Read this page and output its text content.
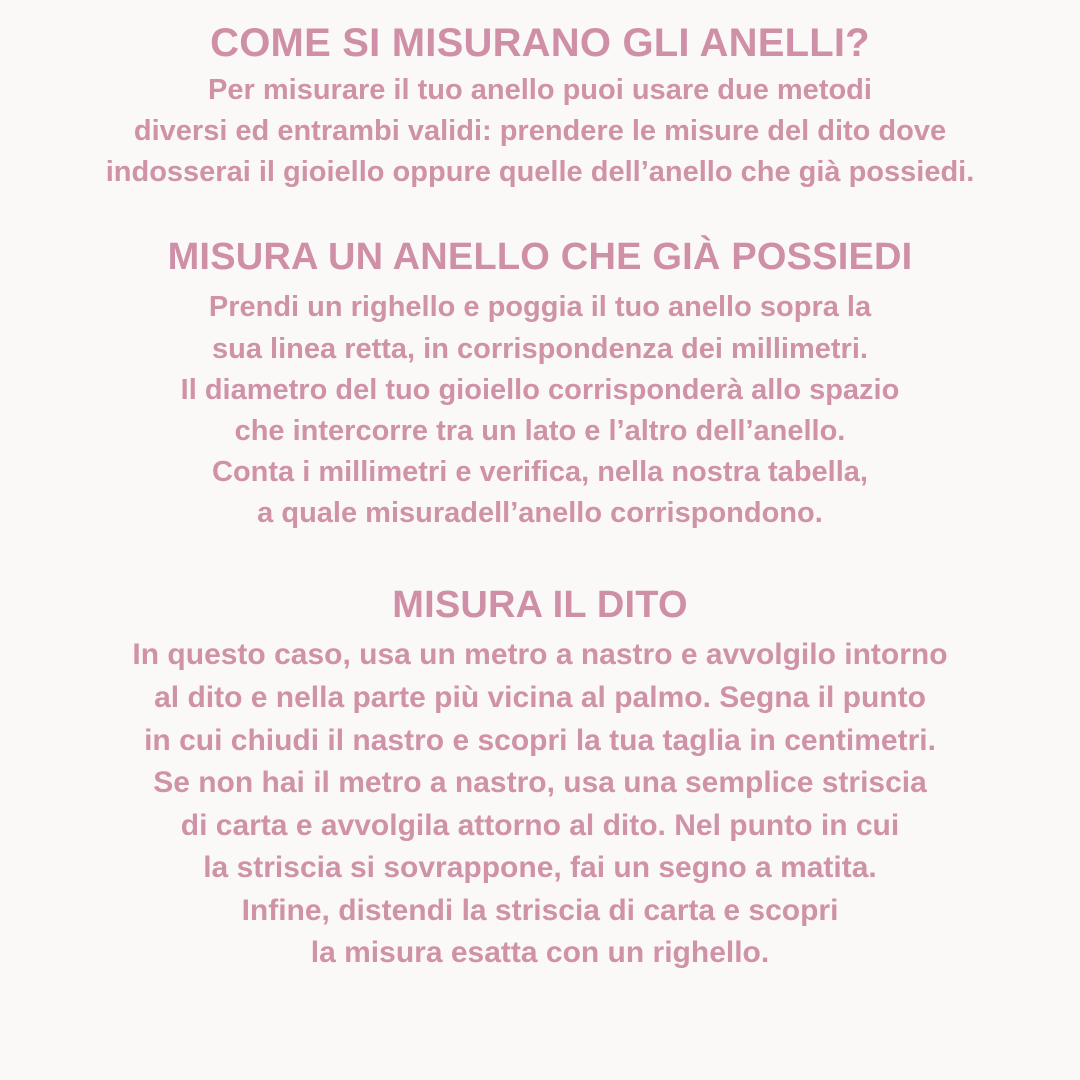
COME SI MISURANO GLI ANELLI?
Per misurare il tuo anello puoi usare due metodi
diversi ed entrambi validi: prendere le misure del dito dove
indosserai il gioiello oppure quelle dell’anello che già possiedi.
MISURA UN ANELLO CHE GIÀ POSSIEDI
Prendi un righello e poggia il tuo anello sopra la
sua linea retta, in corrispondenza dei millimetri.
Il diametro del tuo gioiello corrisponderà allo spazio
che intercorre tra un lato e l’altro dell’anello.
Conta i millimetri e verifica, nella nostra tabella,
a quale misuradell’anello corrispondono.
MISURA IL DITO
In questo caso, usa un metro a nastro e avvolgilo intorno
al dito e nella parte più vicina al palmo. Segna il punto
in cui chiudi il nastro e scopri la tua taglia in centimetri.
Se non hai il metro a nastro, usa una semplice striscia
di carta e avvolgila attorno al dito. Nel punto in cui
la striscia si sovrappone, fai un segno a matita.
Infine, distendi la striscia di carta e scopri
la misura esatta con un righello.
